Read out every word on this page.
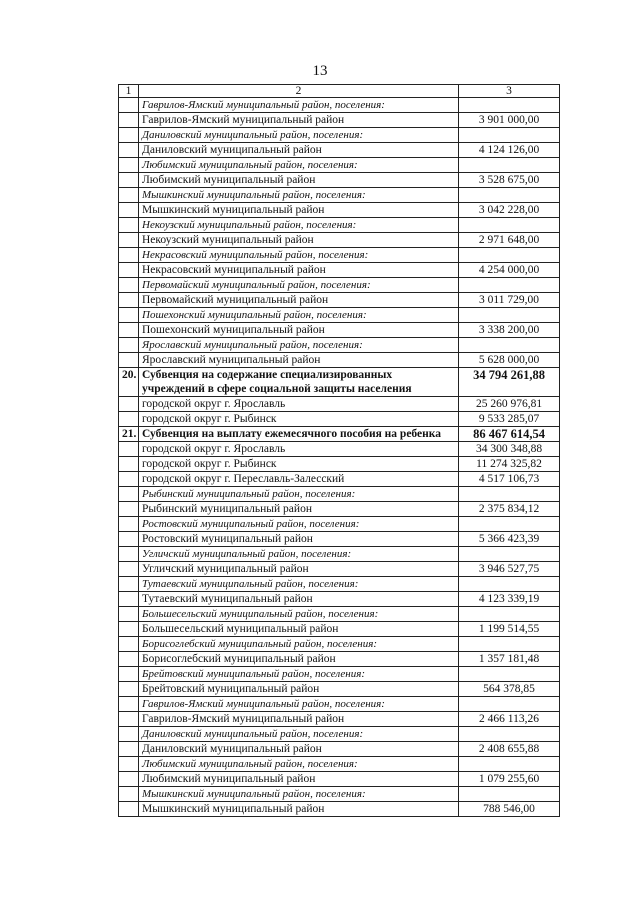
13
1	2	3
	Гаврилов-Ямский муниципальный район, поселения:	
	Гаврилов-Ямский муниципальный район	3 901 000,00
	Даниловский муниципальный район, поселения:	
	Даниловский муниципальный район	4 124 126,00
	Любимский муниципальный район, поселения:	
	Любимский муниципальный район	3 528 675,00
	Мышкинский муниципальный район, поселения:	
	Мышкинский муниципальный район	3 042 228,00
	Некоузский муниципальный район, поселения:	
	Некоузский муниципальный район	2 971 648,00
	Некрасовский муниципальный район, поселения:	
	Некрасовский муниципальный район	4 254 000,00
	Первомайский муниципальный район, поселения:	
	Первомайский муниципальный район	3 011 729,00
	Пошехонский муниципальный район, поселения:	
	Пошехонский муниципальный район	3 338 200,00
	Ярославский муниципальный район, поселения:	
	Ярославский муниципальный район	5 628 000,00
20.	Субвенция на содержание специализированных учреждений в сфере социальной защиты населения	34 794 261,88
	городской округ г. Ярославль	25 260 976,81
	городской округ г. Рыбинск	9 533 285,07
21.	Субвенция на выплату ежемесячного пособия на ребенка	86 467 614,54
	городской округ г. Ярославль	34 300 348,88
	городской округ г. Рыбинск	11 274 325,82
	городской округ г. Переславль-Залесский	4 517 106,73
	Рыбинский муниципальный район, поселения:	
	Рыбинский муниципальный район	2 375 834,12
	Ростовский муниципальный район, поселения:	
	Ростовский муниципальный район	5 366 423,39
	Угличский муниципальный район, поселения:	
	Угличский муниципальный район	3 946 527,75
	Тутаевский муниципальный район, поселения:	
	Тутаевский муниципальный район	4 123 339,19
	Большесельский муниципальный район, поселения:	
	Большесельский муниципальный район	1 199 514,55
	Борисоглебский муниципальный район, поселения:	
	Борисоглебский муниципальный район	1 357 181,48
	Брейтовский муниципальный район, поселения:	
	Брейтовский муниципальный район	564 378,85
	Гаврилов-Ямский муниципальный район, поселения:	
	Гаврилов-Ямский муниципальный район	2 466 113,26
	Даниловский муниципальный район, поселения:	
	Даниловский муниципальный район	2 408 655,88
	Любимский муниципальный район, поселения:	
	Любимский муниципальный район	1 079 255,60
	Мышкинский муниципальный район, поселения:	
	Мышкинский муниципальный район	788 546,00
